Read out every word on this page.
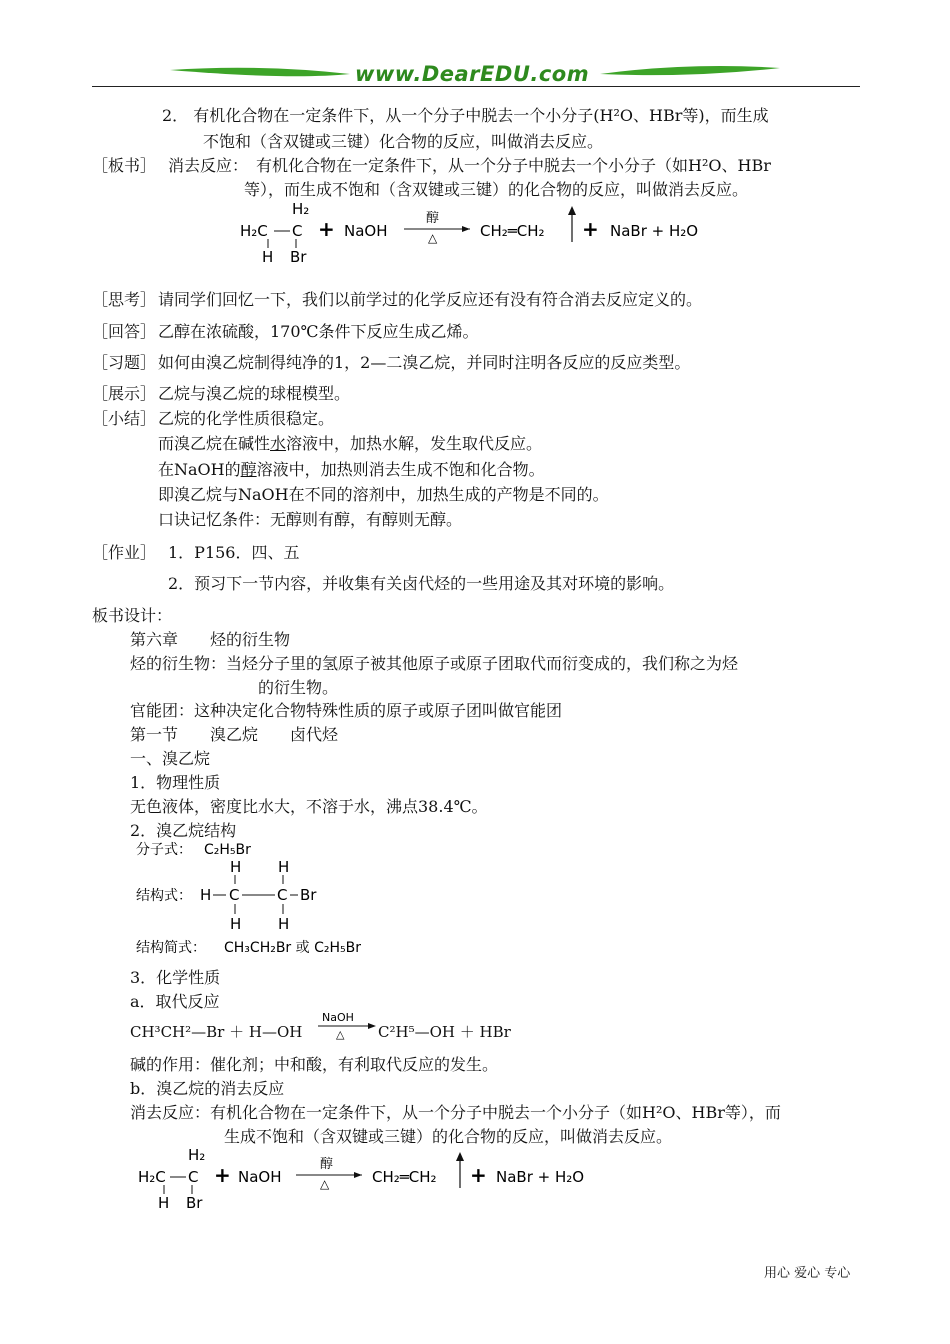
www.DearEDU.com
2． 有机化合物在一定条件下，从一个分子中脱去一个小分子(H²O、HBr等)，而生成
不饱和（含双键或三键）化合物的反应，叫做消去反应。
［板书］ 消去反应：　有机化合物在一定条件下，从一个分子中脱去一个小分子（如H²O、HBr
等），而生成不饱和（含双键或三键）的化合物的反应，叫做消去反应。
H₂C C
H₂
H Br
+ NaOH
醇
△	CH₂═CH₂ + NaBr + H₂O
［思考］ 请同学们回忆一下，我们以前学过的化学反应还有没有符合消去反应定义的。
［回答］ 乙醇在浓硫酸，170℃条件下反应生成乙烯。
［习题］ 如何由溴乙烷制得纯净的1，2—二溴乙烷，并同时注明各反应的反应类型。
［展示］ 乙烷与溴乙烷的球棍模型。
［小结］ 乙烷的化学性质很稳定。
而溴乙烷在碱性水溶液中，加热水解，发生取代反应。
在NaOH的醇溶液中，加热则消去生成不饱和化合物。
即溴乙烷与NaOH在不同的溶剂中，加热生成的产物是不同的。
口诀记忆条件：无醇则有醇，有醇则无醇。
［作业］ 1．P156．四、五
2．预习下一节内容，并收集有关卤代烃的一些用途及其对环境的影响。
板书设计：
第六章　　烃的衍生物
烃的衍生物：当烃分子里的氢原子被其他原子或原子团取代而衍变成的，我们称之为烃
的衍生物。
官能团：这种决定化合物特殊性质的原子或原子团叫做官能团
第一节　　溴乙烷　　卤代烃
一、溴乙烷
1．物理性质
无色液体，密度比水大，不溶于水，沸点38.4℃。
2．溴乙烷结构
分子式： C₂H₅Br
结构式：
H H
H C	C Br
H H
结构简式： CH₃CH₂Br 或 C₂H₅Br
3．化学性质
a．取代反应
CH³CH²—Br ＋ H—OH
NaOH
△ C²H⁵—OH ＋ HBr
碱的作用：催化剂；中和酸，有利取代反应的发生。
b．溴乙烷的消去反应
消去反应：有机化合物在一定条件下，从一个分子中脱去一个小分子（如H²O、HBr等），而
生成不饱和（含双键或三键）的化合物的反应，叫做消去反应。
H₂C C
H₂
H Br
+ NaOH
醇
△	CH₂═CH₂ + NaBr + H₂O
用心 爱心 专心
